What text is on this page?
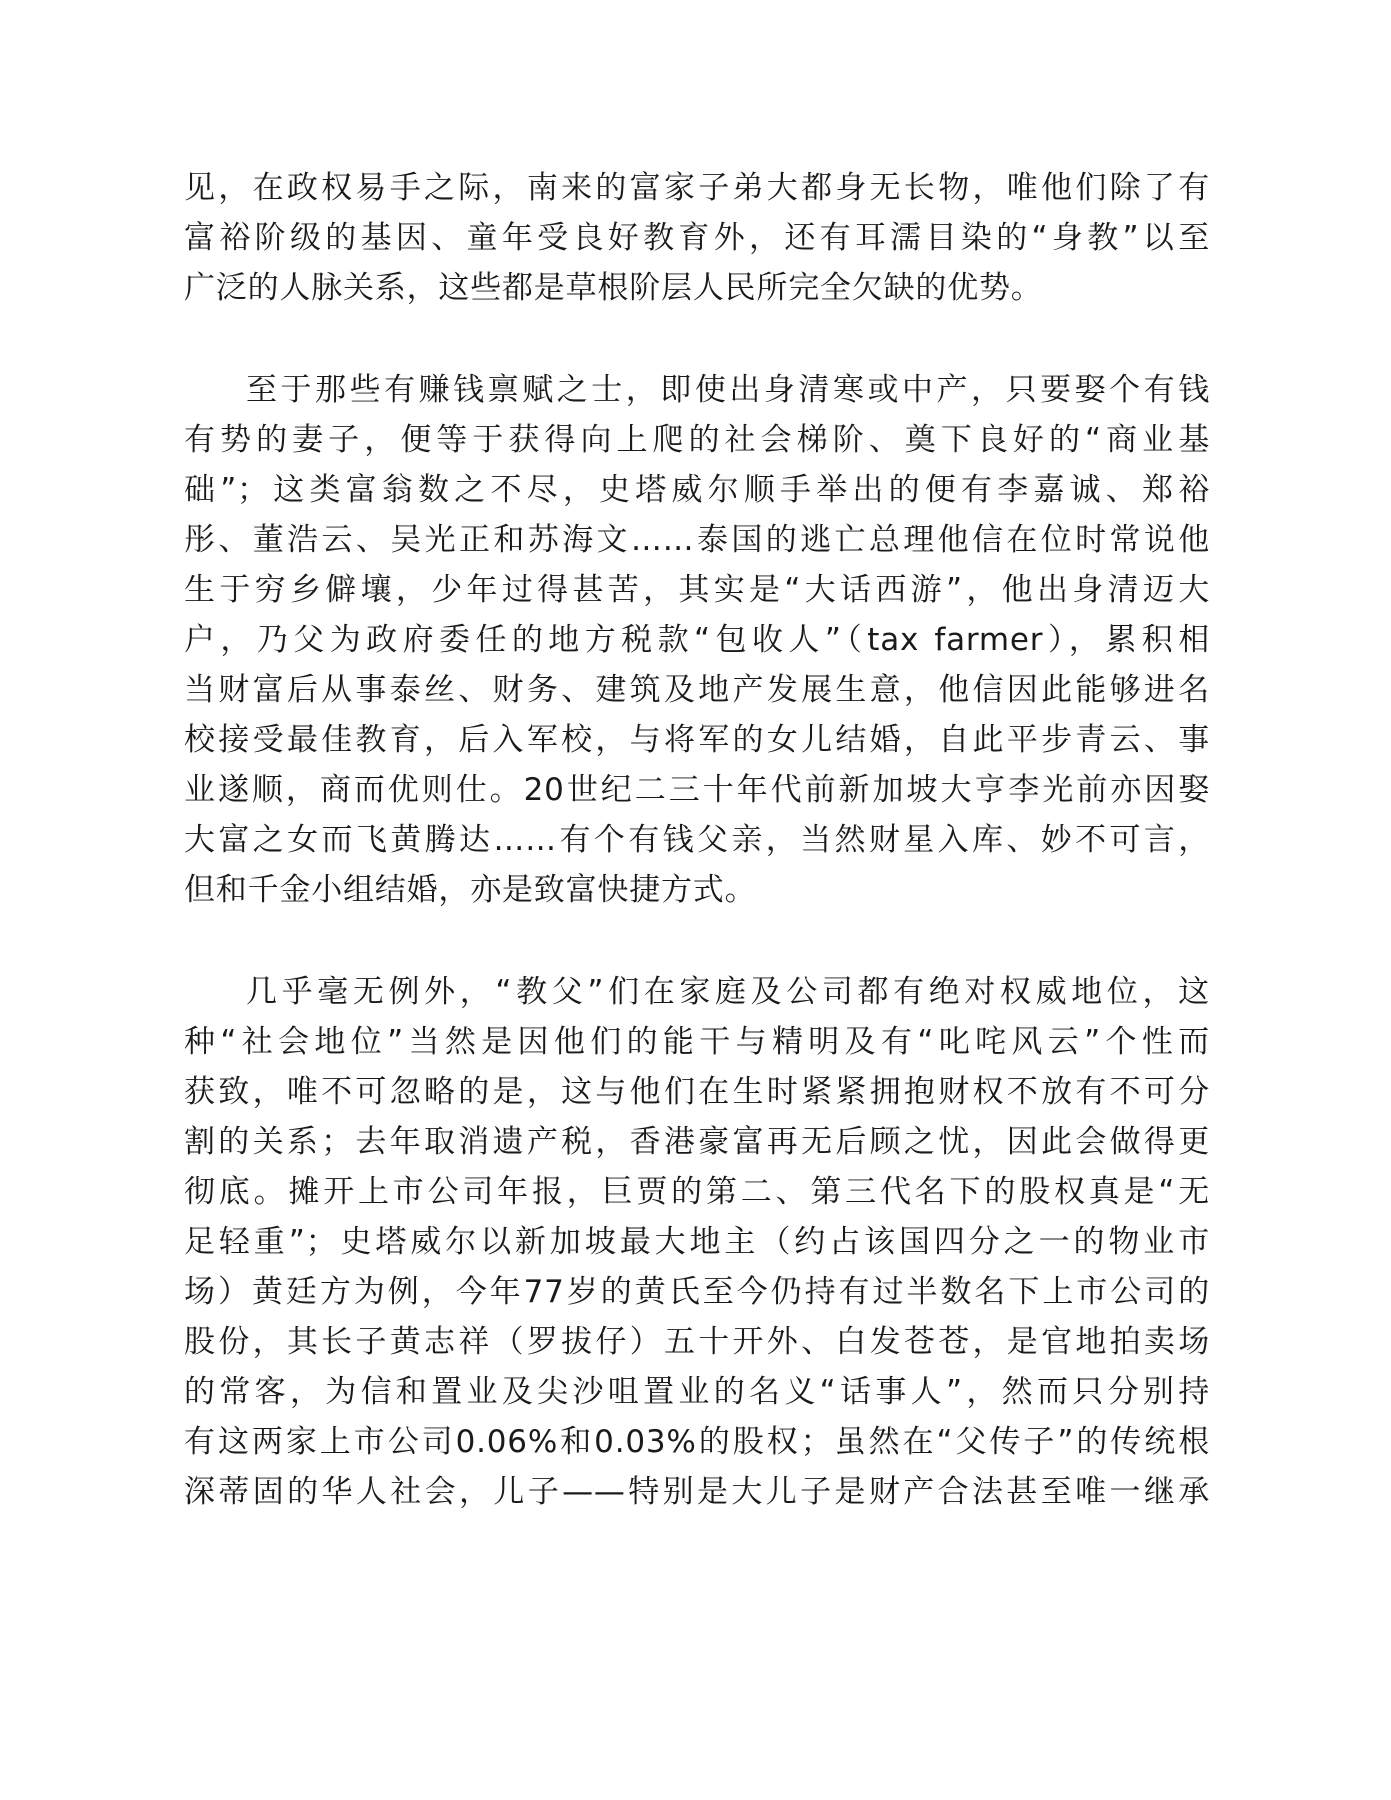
见，在政权易手之际，南来的富家子弟大都身无长物，唯他们除了有
富裕阶级的基因、童年受良好教育外，还有耳濡目染的“身教”以至
广泛的人脉关系，这些都是草根阶层人民所完全欠缺的优势。
至于那些有赚钱禀赋之士，即使出身清寒或中产，只要娶个有钱
有势的妻子，便等于获得向上爬的社会梯阶、奠下良好的“商业基
础”；这类富翁数之不尽，史塔威尔顺手举出的便有李嘉诚、郑裕
彤、董浩云、吴光正和苏海文……泰国的逃亡总理他信在位时常说他
生于穷乡僻壤，少年过得甚苦，其实是“大话西游”，他出身清迈大
户，乃父为政府委任的地方税款“包收人”（tax farmer），累积相
当财富后从事泰丝、财务、建筑及地产发展生意，他信因此能够进名
校接受最佳教育，后入军校，与将军的女儿结婚，自此平步青云、事
业遂顺，商而优则仕。20世纪二三十年代前新加坡大亨李光前亦因娶
大富之女而飞黄腾达……有个有钱父亲，当然财星入库、妙不可言，
但和千金小组结婚，亦是致富快捷方式。
几乎毫无例外，“教父”们在家庭及公司都有绝对权威地位，这
种“社会地位”当然是因他们的能干与精明及有“叱咤风云”个性而
获致，唯不可忽略的是，这与他们在生时紧紧拥抱财权不放有不可分
割的关系；去年取消遗产税，香港豪富再无后顾之忧，因此会做得更
彻底。摊开上市公司年报，巨贾的第二、第三代名下的股权真是“无
足轻重”；史塔威尔以新加坡最大地主（约占该国四分之一的物业市
场）黄廷方为例，今年77岁的黄氏至今仍持有过半数名下上市公司的
股份，其长子黄志祥（罗拔仔）五十开外、白发苍苍，是官地拍卖场
的常客，为信和置业及尖沙咀置业的名义“话事人”，然而只分别持
有这两家上市公司0.06%和0.03%的股权；虽然在“父传子”的传统根
深蒂固的华人社会，儿子——特别是大儿子是财产合法甚至唯一继承
